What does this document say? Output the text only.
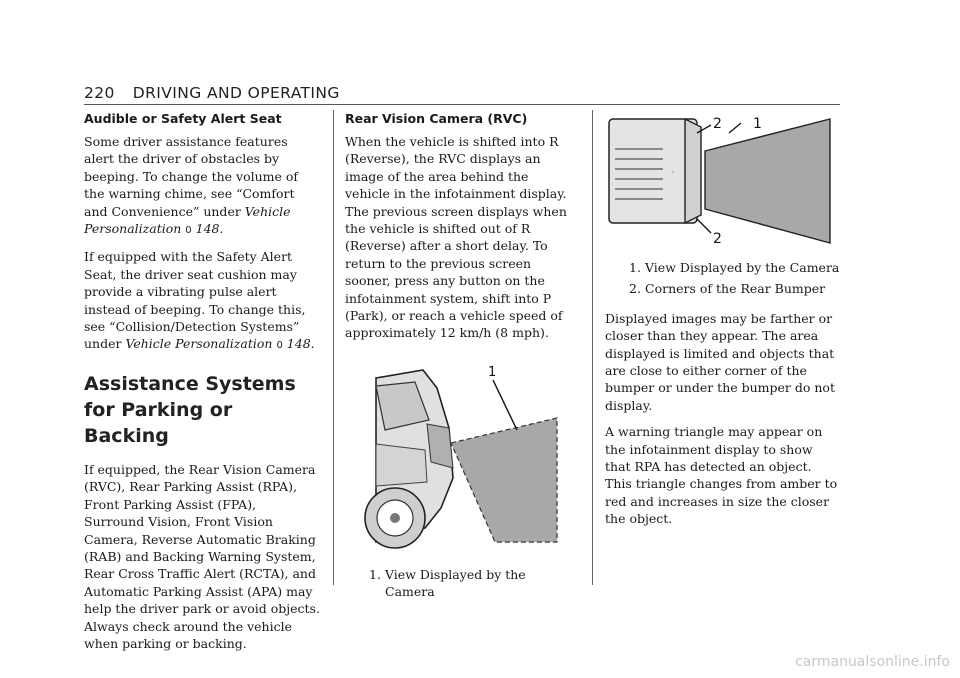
220 DRIVING AND OPERATING
Audible or Safety Alert Seat

Some driver assistance features alert the driver of obstacles by beeping. To change the volume of the warning chime, see “Comfort and Convenience” under Vehicle Personalization 0 148.

If equipped with the Safety Alert Seat, the driver seat cushion may provide a vibrating pulse alert instead of beeping. To change this, see “Collision/Detection Systems” under Vehicle Personalization 0 148.

Assistance Systems for Parking or Backing

If equipped, the Rear Vision Camera (RVC), Rear Parking Assist (RPA), Front Parking Assist (FPA), Surround Vision, Front Vision Camera, Reverse Automatic Braking (RAB) and Backing Warning System, Rear Cross Traffic Alert (RCTA), and Automatic Parking Assist (APA) may help the driver park or avoid objects. Always check around the vehicle when parking or backing.

Rear Vision Camera (RVC)

When the vehicle is shifted into R (Reverse), the RVC displays an image of the area behind the vehicle in the infotainment display. The previous screen displays when the vehicle is shifted out of R (Reverse) after a short delay. To return to the previous screen sooner, press any button on the infotainment system, shift into P (Park), or reach a vehicle speed of approximately 12 km/h (8 mph).

1
1. View Displayed by the Camera
◦
2 1
2
1. View Displayed by the Camera
2. Corners of the Rear Bumper

Displayed images may be farther or closer than they appear. The area displayed is limited and objects that are close to either corner of the bumper or under the bumper do not display.

A warning triangle may appear on the infotainment display to show that RPA has detected an object. This triangle changes from amber to red and increases in size the closer the object.

carmanualsonline.info
